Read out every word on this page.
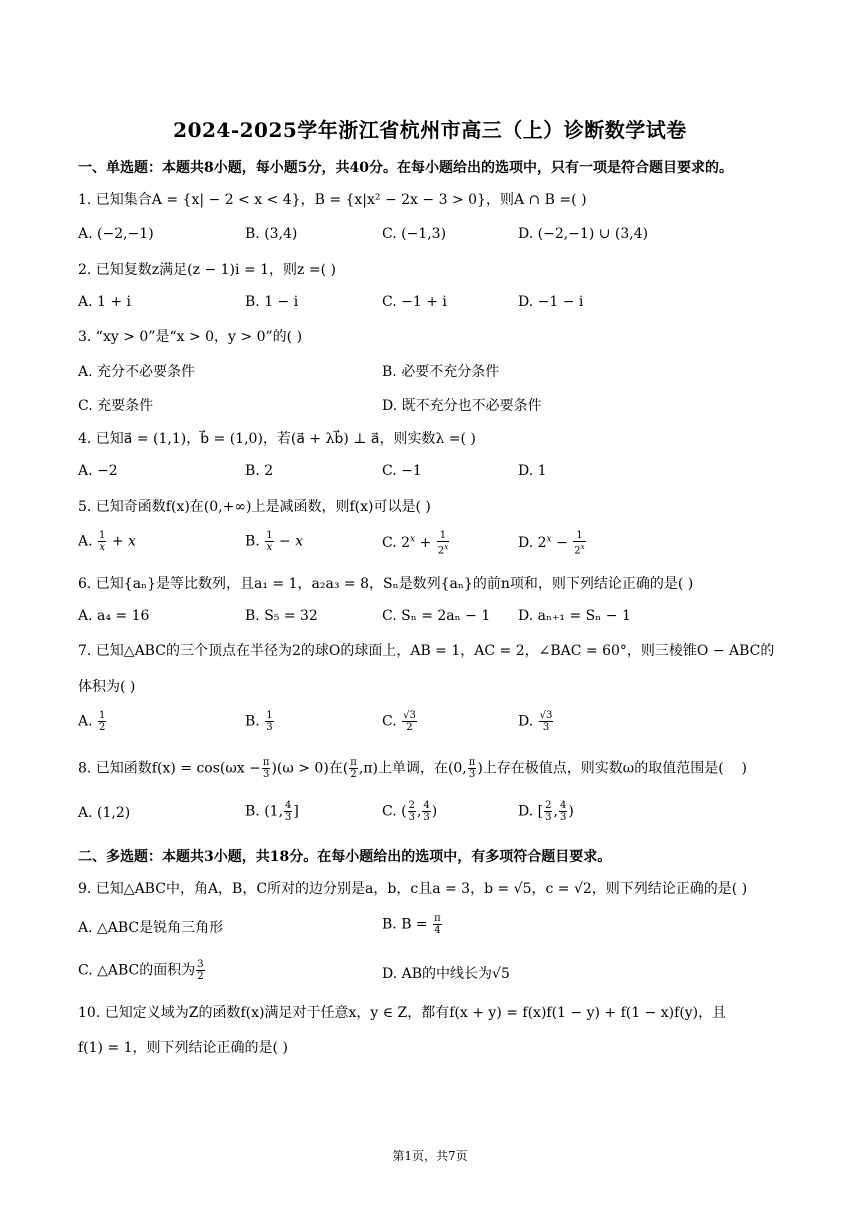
2024-2025学年浙江省杭州市高三（上）诊断数学试卷
一、单选题：本题共8小题，每小题5分，共40分。在每小题给出的选项中，只有一项是符合题目要求的。
1. 已知集合A = {x| − 2 < x < 4}，B = {x|x² − 2x − 3 > 0}，则A ∩ B =( )
A. (−2,−1)	B. (3,4)	C. (−1,3)	D. (−2,−1) ∪ (3,4)
2. 已知复数z满足(z − 1)i = 1，则z =( )
A. 1 + i	B. 1 − i	C. −1 + i	D. −1 − i
3. “xy > 0”是“x > 0，y > 0”的( )
A. 充分不必要条件	B. 必要不充分条件
C. 充要条件	D. 既不充分也不必要条件
4. 已知a⃗ = (1,1)，b⃗ = (1,0)，若(a⃗ + λb⃗) ⊥ a⃗，则实数λ =( )
A. −2	B. 2	C. −1	D. 1
5. 已知奇函数f(x)在(0,+∞)上是减函数，则f(x)可以是( )
A. $\frac{1}{x} + x$	B. $\frac{1}{x} - x$	C. $2^x + \frac{1}{2^x}$	D. $2^x - \frac{1}{2^x}$
6. 已知{aₙ}是等比数列，且a₁ = 1，a₂a₃ = 8，Sₙ是数列{aₙ}的前n项和，则下列结论正确的是( )
A. a₄ = 16	B. S₅ = 32	C. Sₙ = 2aₙ − 1 D. aₙ₊₁ = Sₙ − 1
7. 已知△ABC的三个顶点在半径为2的球O的球面上，AB = 1，AC = 2，∠BAC = 60°，则三棱锥O − ABC的
体积为( )
A. $\frac{1}{2}$	B. $\frac{1}{3}$	C. $\frac{√3}{2}$	D. $\frac{√3}{3}$
8. 已知函数$f(x) = \cos(\omega x - \frac{\pi}{3} )(\omega > 0)$在( $\frac{\pi}{2} ,\pi$)上单调，在(0, $\frac{\pi}{3}$ )上存在极值点，则实数ω的取值范围是(    )
A. (1,2)	B. (1, $\frac{4}{3}$ ]	C. ( $\frac{2}{3}$ , $\frac{4}{3}$ )	D. [ $\frac{2}{3}$ , $\frac{4}{3}$ )
二、多选题：本题共3小题，共18分。在每小题给出的选项中，有多项符合题目要求。
9. 已知△ABC中，角A，B，C所对的边分别是a，b，c且a = 3，b = √5，c = √2，则下列结论正确的是( )
A. △ABC是锐角三角形	B. $B = \frac{\pi}{4}$
C. △ABC的面积为 $\frac{3}{2}$	D. AB的中线长为√5
10. 已知定义域为Z的函数f(x)满足对于任意x，y ∈ Z，都有f(x + y) = f(x)f(1 − y) + f(1 − x)f(y)，且
f(1) = 1，则下列结论正确的是( )
第1页，共7页
